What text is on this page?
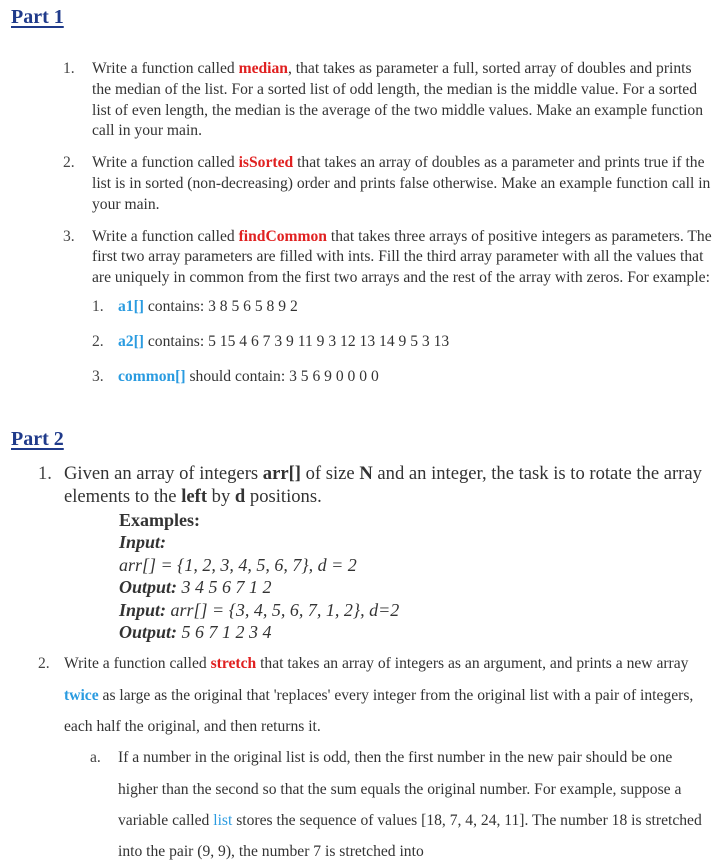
Part 1
1. Write a function called median, that takes as parameter a full, sorted array of doubles and prints the median of the list. For a sorted list of odd length, the median is the middle value. For a sorted list of even length, the median is the average of the two middle values. Make an example function call in your main.
2. Write a function called isSorted that takes an array of doubles as a parameter and prints true if the list is in sorted (non-decreasing) order and prints false otherwise. Make an example function call in your main.
3. Write a function called findCommon that takes three arrays of positive integers as parameters. The first two array parameters are filled with ints. Fill the third array parameter with all the values that are uniquely in common from the first two arrays and the rest of the array with zeros. For example:
1. a1[] contains: 3 8 5 6 5 8 9 2
2. a2[] contains: 5 15 4 6 7 3 9 11 9 3 12 13 14 9 5 3 13
3. common[] should contain: 3 5 6 9 0 0 0 0
Part 2
1. Given an array of integers arr[] of size N and an integer, the task is to rotate the array elements to the left by d positions.
Examples:
Input:
arr[] = {1, 2, 3, 4, 5, 6, 7}, d = 2
Output: 3 4 5 6 7 1 2
Input: arr[] = {3, 4, 5, 6, 7, 1, 2}, d=2
Output: 5 6 7 1 2 3 4
2. Write a function called stretch that takes an array of integers as an argument, and prints a new array twice as large as the original that 'replaces' every integer from the original list with a pair of integers, each half the original, and then returns it.
a. If a number in the original list is odd, then the first number in the new pair should be one higher than the second so that the sum equals the original number. For example, suppose a variable called list stores the sequence of values [18, 7, 4, 24, 11]. The number 18 is stretched into the pair (9, 9), the number 7 is stretched into
